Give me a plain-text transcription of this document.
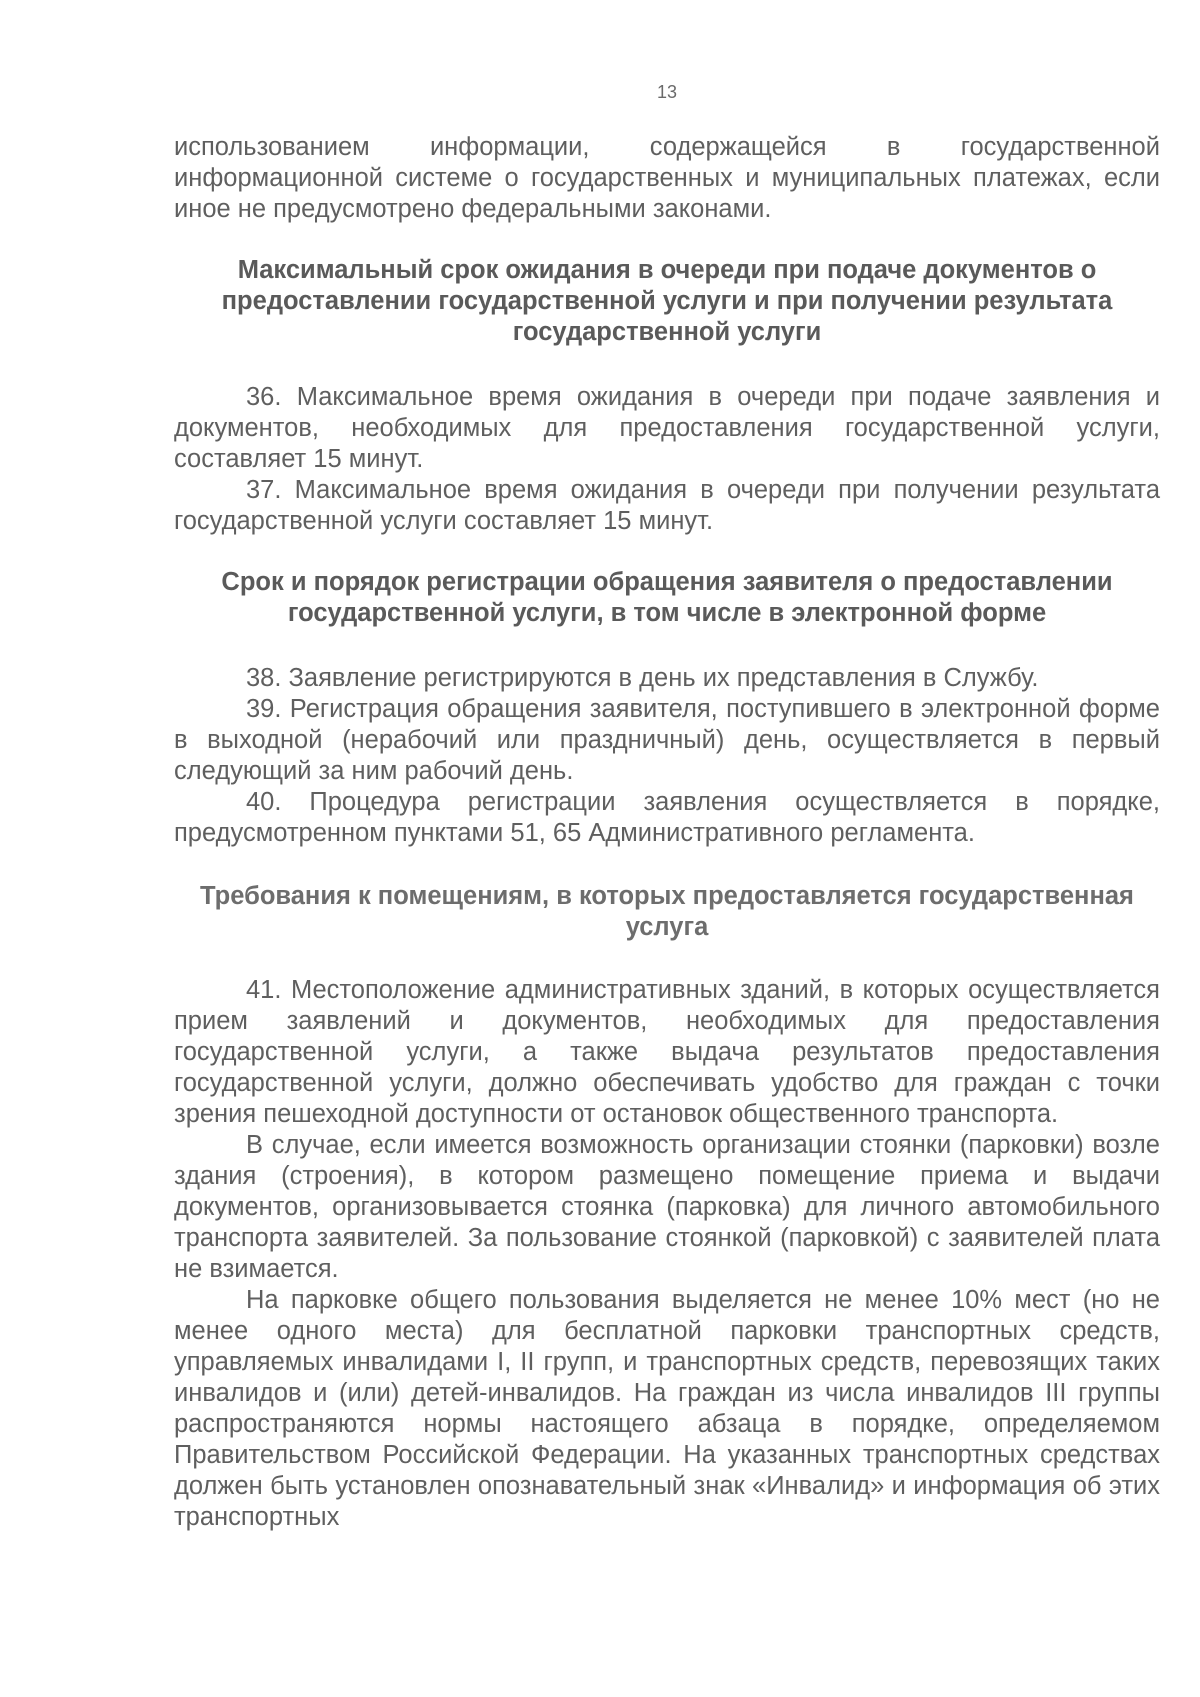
13

использованием информации, содержащейся в государственной информационной системе о государственных и муниципальных платежах, если иное не предусмотрено федеральными законами.

Максимальный срок ожидания в очереди при подаче документов о предоставлении государственной услуги и при получении результата государственной услуги

36. Максимальное время ожидания в очереди при подаче заявления и документов, необходимых для предоставления государственной услуги, составляет 15 минут.

37. Максимальное время ожидания в очереди при получении результата государственной услуги составляет 15 минут.

Срок и порядок регистрации обращения заявителя о предоставлении государственной услуги, в том числе в электронной форме

38. Заявление регистрируются в день их представления в Службу.

39. Регистрация обращения заявителя, поступившего в электронной форме в выходной (нерабочий или праздничный) день, осуществляется в первый следующий за ним рабочий день.

40. Процедура регистрации заявления осуществляется в порядке, предусмотренном пунктами 51, 65 Административного регламента.

Требования к помещениям, в которых предоставляется государственная услуга

41. Местоположение административных зданий, в которых осуществляется прием заявлений и документов, необходимых для предоставления государственной услуги, а также выдача результатов предоставления государственной услуги, должно обеспечивать удобство для граждан с точки зрения пешеходной доступности от остановок общественного транспорта.

В случае, если имеется возможность организации стоянки (парковки) возле здания (строения), в котором размещено помещение приема и выдачи документов, организовывается стоянка (парковка) для личного автомобильного транспорта заявителей. За пользование стоянкой (парковкой) с заявителей плата не взимается.

На парковке общего пользования выделяется не менее 10% мест (но не менее одного места) для бесплатной парковки транспортных средств, управляемых инвалидами I, II групп, и транспортных средств, перевозящих таких инвалидов и (или) детей-инвалидов. На граждан из числа инвалидов III группы распространяются нормы настоящего абзаца в порядке, определяемом Правительством Российской Федерации. На указанных транспортных средствах должен быть установлен опознавательный знак «Инвалид» и информация об этих транспортных
